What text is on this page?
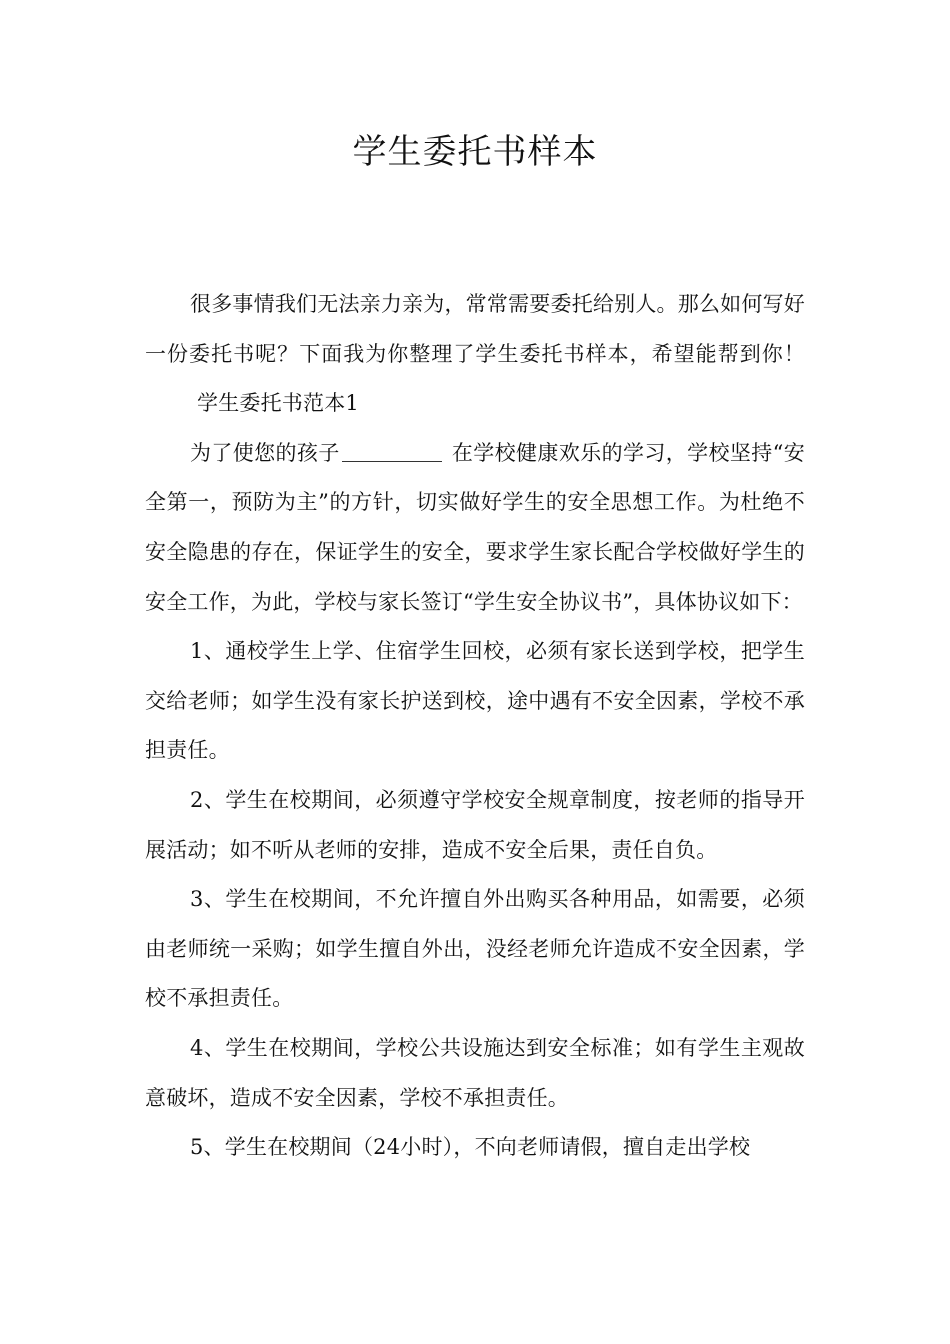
学生委托书样本

很多事情我们无法亲力亲为，常常需要委托给别人。那么如何写好一份委托书呢？下面我为你整理了学生委托书样本，希望能帮到你！学生委托书范本1

为了使您的孩子	在学校健康欢乐的学习，学校坚持“安全第一，预防为主”的方针，切实做好学生的安全思想工作。为杜绝不安全隐患的存在，保证学生的安全，要求学生家长配合学校做好学生的安全工作，为此，学校与家长签订“学生安全协议书”，具体协议如下：

1、通校学生上学、住宿学生回校，必须有家长送到学校，把学生交给老师；如学生没有家长护送到校，途中遇有不安全因素，学校不承担责任。

2、学生在校期间，必须遵守学校安全规章制度，按老师的指导开展活动；如不听从老师的安排，造成不安全后果，责任自负。

3、学生在校期间，不允许擅自外出购买各种用品，如需要，必须由老师统一采购；如学生擅自外出，没经老师允许造成不安全因素，学校不承担责任。

4、学生在校期间，学校公共设施达到安全标准；如有学生主观故意破坏，造成不安全因素，学校不承担责任。

5、学生在校期间（24小时），不向老师请假，擅自走出学校
